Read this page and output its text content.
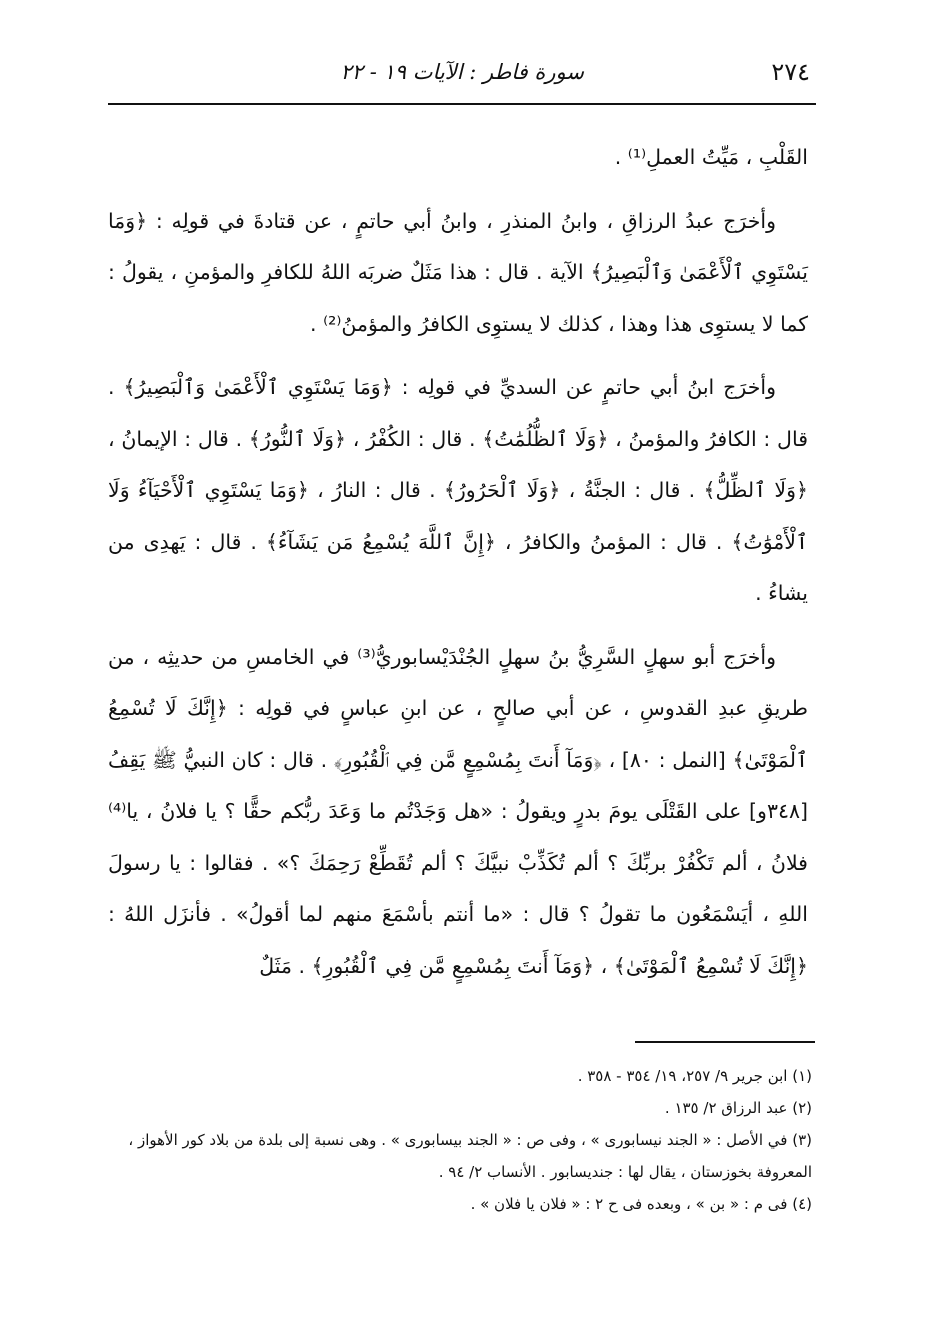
٢٧٤
سورة فاطر : الآيات ١٩ - ٢٢

القَلْبِ ، مَيِّتُ العملِ⁽¹⁾ .

وأخرَج عبدُ الرزاقِ ، وابنُ المنذرِ ، وابنُ أبي حاتمٍ ، عن قتادةَ في قولِه : ﴿وَمَا يَسْتَوِي ٱلْأَعْمَىٰ وَٱلْبَصِيرُ﴾ الآية . قال : هذا مَثَلٌ ضربَه اللهُ للكافرِ والمؤمنِ ، يقولُ : كما لا يستوِى هذا وهذا ، كذلك لا يستوِى الكافرُ والمؤمنُ⁽²⁾ .

وأخرَج ابنُ أبي حاتمٍ عن السديِّ في قولِه : ﴿وَمَا يَسْتَوِي ٱلْأَعْمَىٰ وَٱلْبَصِيرُ﴾ . قال : الكافرُ والمؤمنُ ، ﴿وَلَا ٱلظُّلُمَٰتُ﴾ . قال : الكُفْرُ ، ﴿وَلَا ٱلنُّورُ﴾ . قال : الإيمانُ ، ﴿وَلَا ٱلظِّلُّ﴾ . قال : الجنَّةُ ، ﴿وَلَا ٱلْحَرُورُ﴾ . قال : النارُ ، ﴿وَمَا يَسْتَوِي ٱلْأَحْيَآءُ وَلَا ٱلْأَمْوَٰتُ﴾ . قال : المؤمنُ والكافرُ ، ﴿إِنَّ ٱللَّهَ يُسْمِعُ مَن يَشَآءُ﴾ . قال : يَهدِى من يشاءُ .

وأخرَج أبو سهلٍ السَّرِيُّ بنُ سهلٍ الجُنْدَيْسابوريُّ⁽³⁾ في الخامسِ من حديثِه ، من طريقِ عبدِ القدوسِ ، عن أبي صالحٍ ، عن ابنِ عباسٍ في قولِه : ﴿إِنَّكَ لَا تُسْمِعُ ٱلْمَوْتَىٰ﴾ [النمل : ٨٠] ، ﴿وَمَآ أَنتَ بِمُسْمِعٍ مَّن فِي ٱلْقُبُورِ﴾ . قال : كان النبيُّ ﷺ يَقِفُ [٣٤٨و] على القَتْلَى يومَ بدرٍ ويقولُ : «هل وَجَدْتُم ما وَعَدَ ربُّكم حقًّا ؟ يا فلانُ ، يا⁽⁴⁾ فلانُ ، ألم تَكْفُرْ بربِّكَ ؟ ألم تُكَذِّبْ نبيَّكَ ؟ ألم تُقَطِّعْ رَحِمَكَ ؟» . فقالوا : يا رسولَ اللهِ ، أيَسْمَعُون ما تقولُ ؟ قال : «ما أنتم بأسْمَعَ منهم لما أقولُ» . فأنزَل اللهُ : ﴿إِنَّكَ لَا تُسْمِعُ ٱلْمَوْتَىٰ﴾ ، ﴿وَمَآ أَنتَ بِمُسْمِعٍ مَّن فِي ٱلْقُبُورِ﴾ . مَثَلٌ

(١) ابن جرير ٩/ ٢٥٧، ١٩/ ٣٥٤ - ٣٥٨ .

(٢) عبد الرزاق ٢/ ١٣٥ .

(٣) في الأصل : « الجند نيسابورى » ، وفى ص : « الجند بيسابورى » . وهى نسبة إلى بلدة من بلاد كور الأهواز ، المعروفة بخوزستان ، يقال لها : جنديسابور . الأنساب ٢/ ٩٤ .

(٤) فى م : « بن » ، وبعده فى ح ٢ : « فلان يا فلان » .
